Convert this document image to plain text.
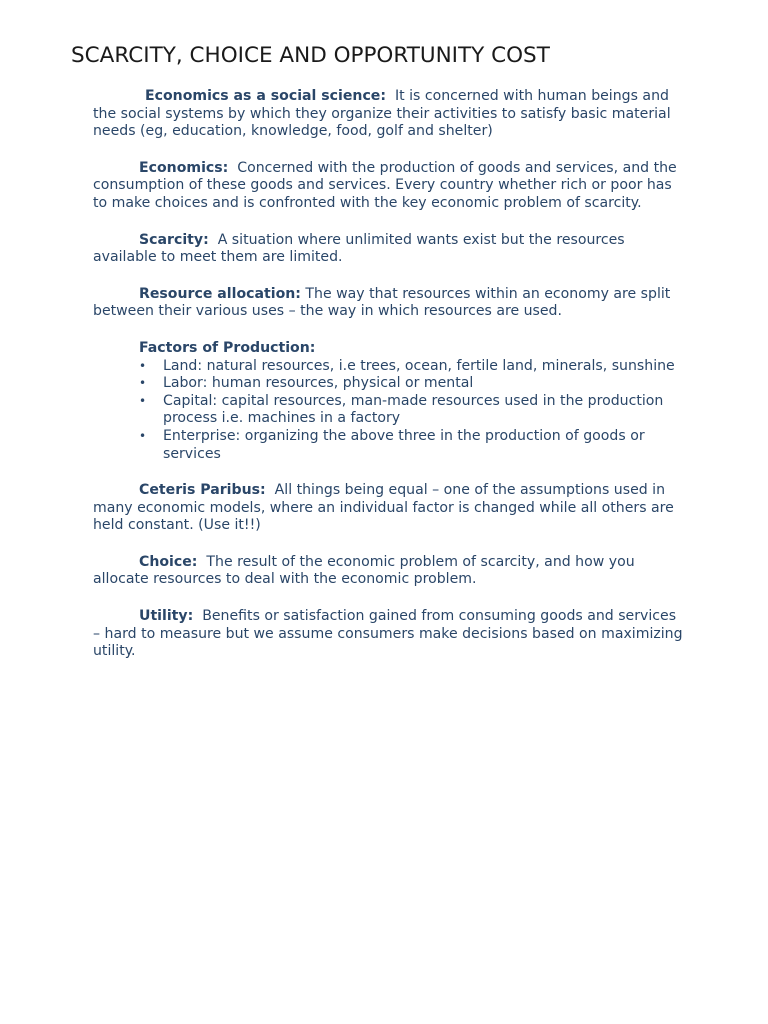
SCARCITY, CHOICE AND OPPORTUNITY COST

Economics as a social science: It is concerned with human beings and the social systems by which they organize their activities to satisfy basic material needs (eg, education, knowledge, food, golf and shelter)

Economics: Concerned with the production of goods and services, and the consumption of these goods and services. Every country whether rich or poor has to make choices and is confronted with the key economic problem of scarcity.

Scarcity: A situation where unlimited wants exist but the resources available to meet them are limited.

Resource allocation: The way that resources within an economy are split between their various uses – the way in which resources are used.

Factors of Production:

• Land: natural resources, i.e trees, ocean, fertile land, minerals, sunshine
• Labor: human resources, physical or mental
• Capital: capital resources, man-made resources used in the production process i.e. machines in a factory
• Enterprise: organizing the above three in the production of goods or services

Ceteris Paribus: All things being equal – one of the assumptions used in many economic models, where an individual factor is changed while all others are held constant. (Use it!!)

Choice: The result of the economic problem of scarcity, and how you allocate resources to deal with the economic problem.

Utility: Benefits or satisfaction gained from consuming goods and services – hard to measure but we assume consumers make decisions based on maximizing utility.
